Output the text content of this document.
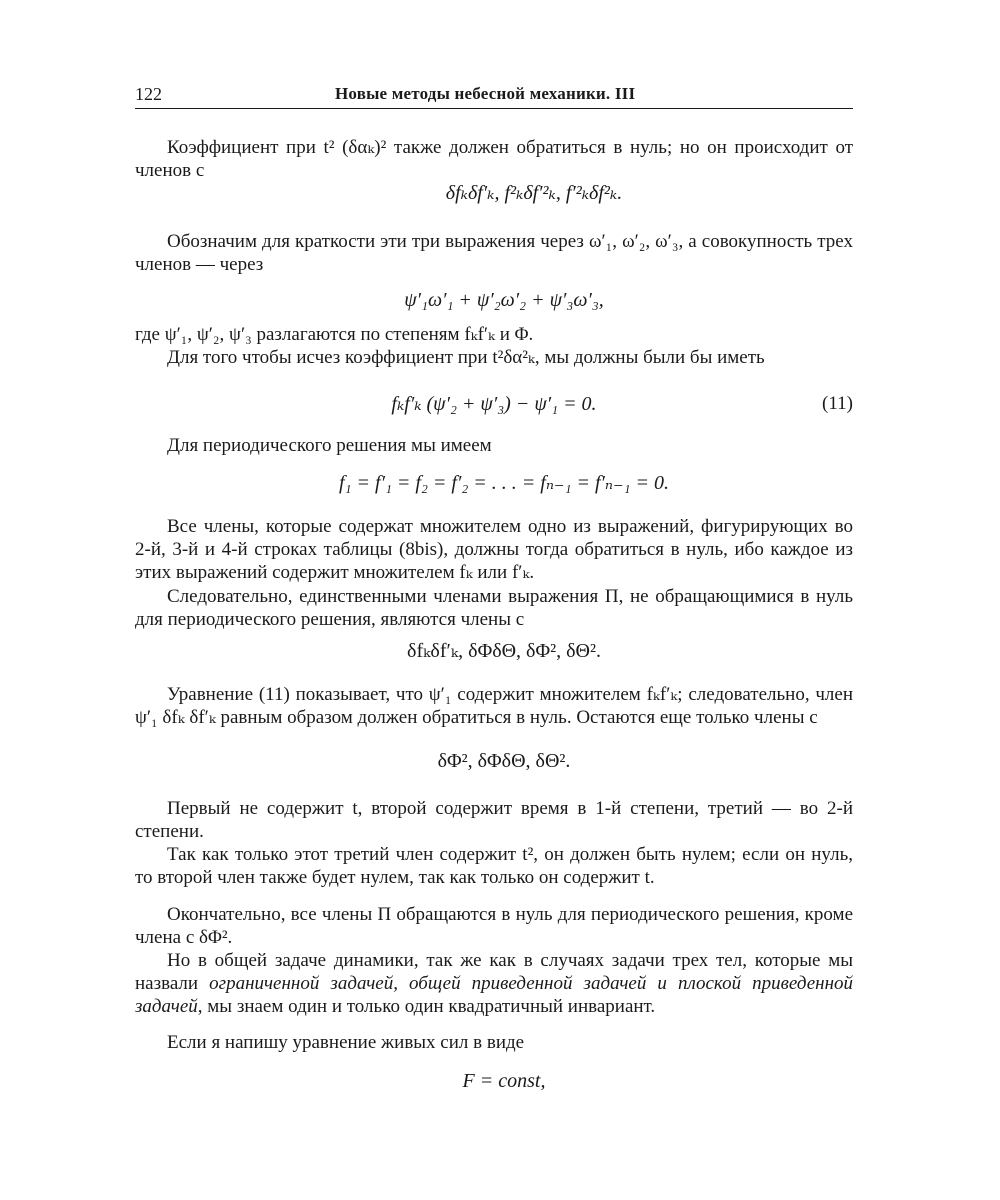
122	Новые методы небесной механики. III
Коэффициент при t² (δαₖ)² также должен обратиться в нуль; но он происходит от членов с
δfₖδf′ₖ, f²ₖδf′²ₖ, f′²ₖδf²ₖ.
Обозначим для краткости эти три выражения через ω′₁, ω′₂, ω′₃, а совокупность трех членов — через
ψ′₁ω′₁ + ψ′₂ω′₂ + ψ′₃ω′₃,
где ψ′₁, ψ′₂, ψ′₃ разлагаются по степеням fₖf′ₖ и Φ.
Для того чтобы исчез коэффициент при t²δα²ₖ, мы должны были бы иметь
fₖf′ₖ (ψ′₂ + ψ′₃) − ψ′₁ = 0.	(11)
Для периодического решения мы имеем
f₁ = f′₁ = f₂ = f′₂ = . . . = fₙ₋₁ = f′ₙ₋₁ = 0.
Все члены, которые содержат множителем одно из выражений, фигурирующих во 2-й, 3-й и 4-й строках таблицы (8bis), должны тогда обратиться в нуль, ибо каждое из этих выражений содержит множителем fₖ или f′ₖ.
Следовательно, единственными членами выражения Π, не обращающимися в нуль для периодического решения, являются члены с
δfₖδf′ₖ, δΦδΘ, δΦ², δΘ².
Уравнение (11) показывает, что ψ′₁ содержит множителем fₖf′ₖ; следовательно, член ψ′₁ δfₖ δf′ₖ равным образом должен обратиться в нуль. Остаются еще только члены с
δΦ², δΦδΘ, δΘ².
Первый не содержит t, второй содержит время в 1-й степени, третий — во 2-й степени.
Так как только этот третий член содержит t², он должен быть нулем; если он нуль, то второй член также будет нулем, так как только он содержит t.
Окончательно, все члены Π обращаются в нуль для периодического решения, кроме члена с δΦ².
Но в общей задаче динамики, так же как в случаях задачи трех тел, которые мы назвали ограниченной задачей, общей приведенной задачей и плоской приведенной задачей, мы знаем один и только один квадратичный инвариант.
Если я напишу уравнение живых сил в виде
F = const,
